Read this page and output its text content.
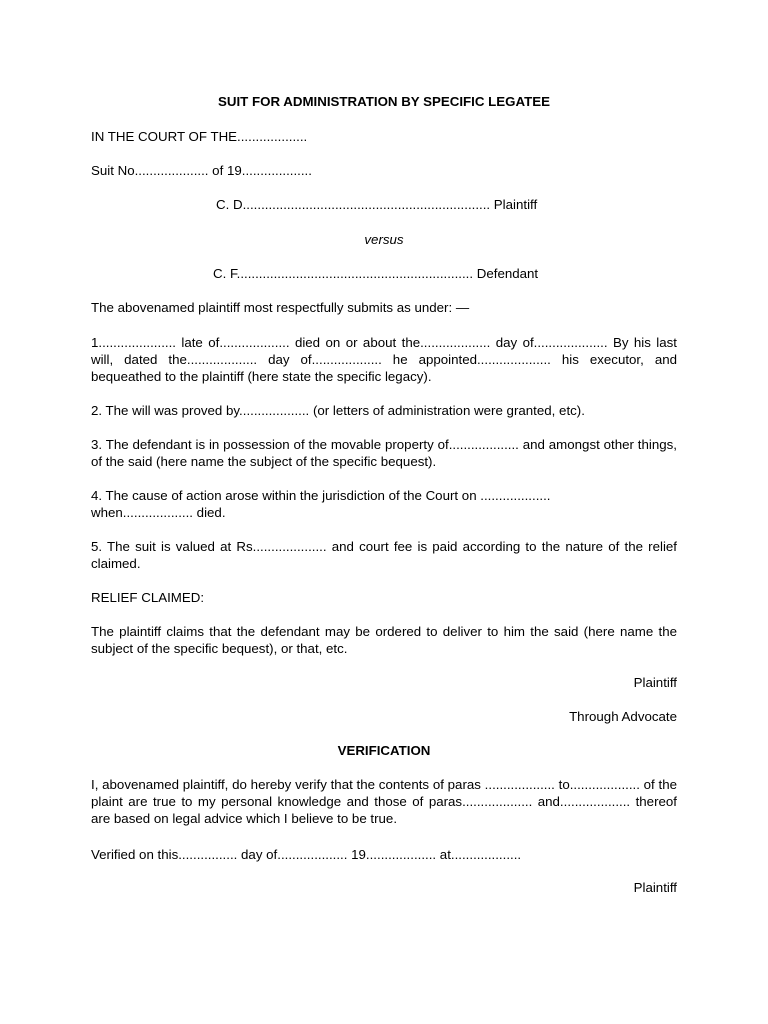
SUIT FOR ADMINISTRATION BY SPECIFIC LEGATEE

IN THE COURT OF THE...................

Suit No.................... of 19...................

C. D................................................................... Plaintiff

versus

C. F................................................................ Defendant

The abovenamed plaintiff most respectfully submits as under: —

1..................... late of................... died on or about the................... day of.................... By his last will, dated the................... day of................... he appointed.................... his executor, and bequeathed to the plaintiff (here state the specific legacy).

2. The will was proved by................... (or letters of administration were granted, etc).

3. The defendant is in possession of the movable property of................... and amongst other things, of the said (here name the subject of the specific bequest).

4. The cause of action arose within the jurisdiction of the Court on ...................

when................... died.

5. The suit is valued at Rs.................... and court fee is paid according to the nature of the relief claimed.

RELIEF CLAIMED:

The plaintiff claims that the defendant may be ordered to deliver to him the said (here name the subject of the specific bequest), or that, etc.

Plaintiff

Through Advocate

VERIFICATION

I, abovenamed plaintiff, do hereby verify that the contents of paras ................... to................... of the plaint are true to my personal knowledge and those of paras................... and................... thereof are based on legal advice which I believe to be true.

Verified on this................ day of................... 19................... at...................

Plaintiff
